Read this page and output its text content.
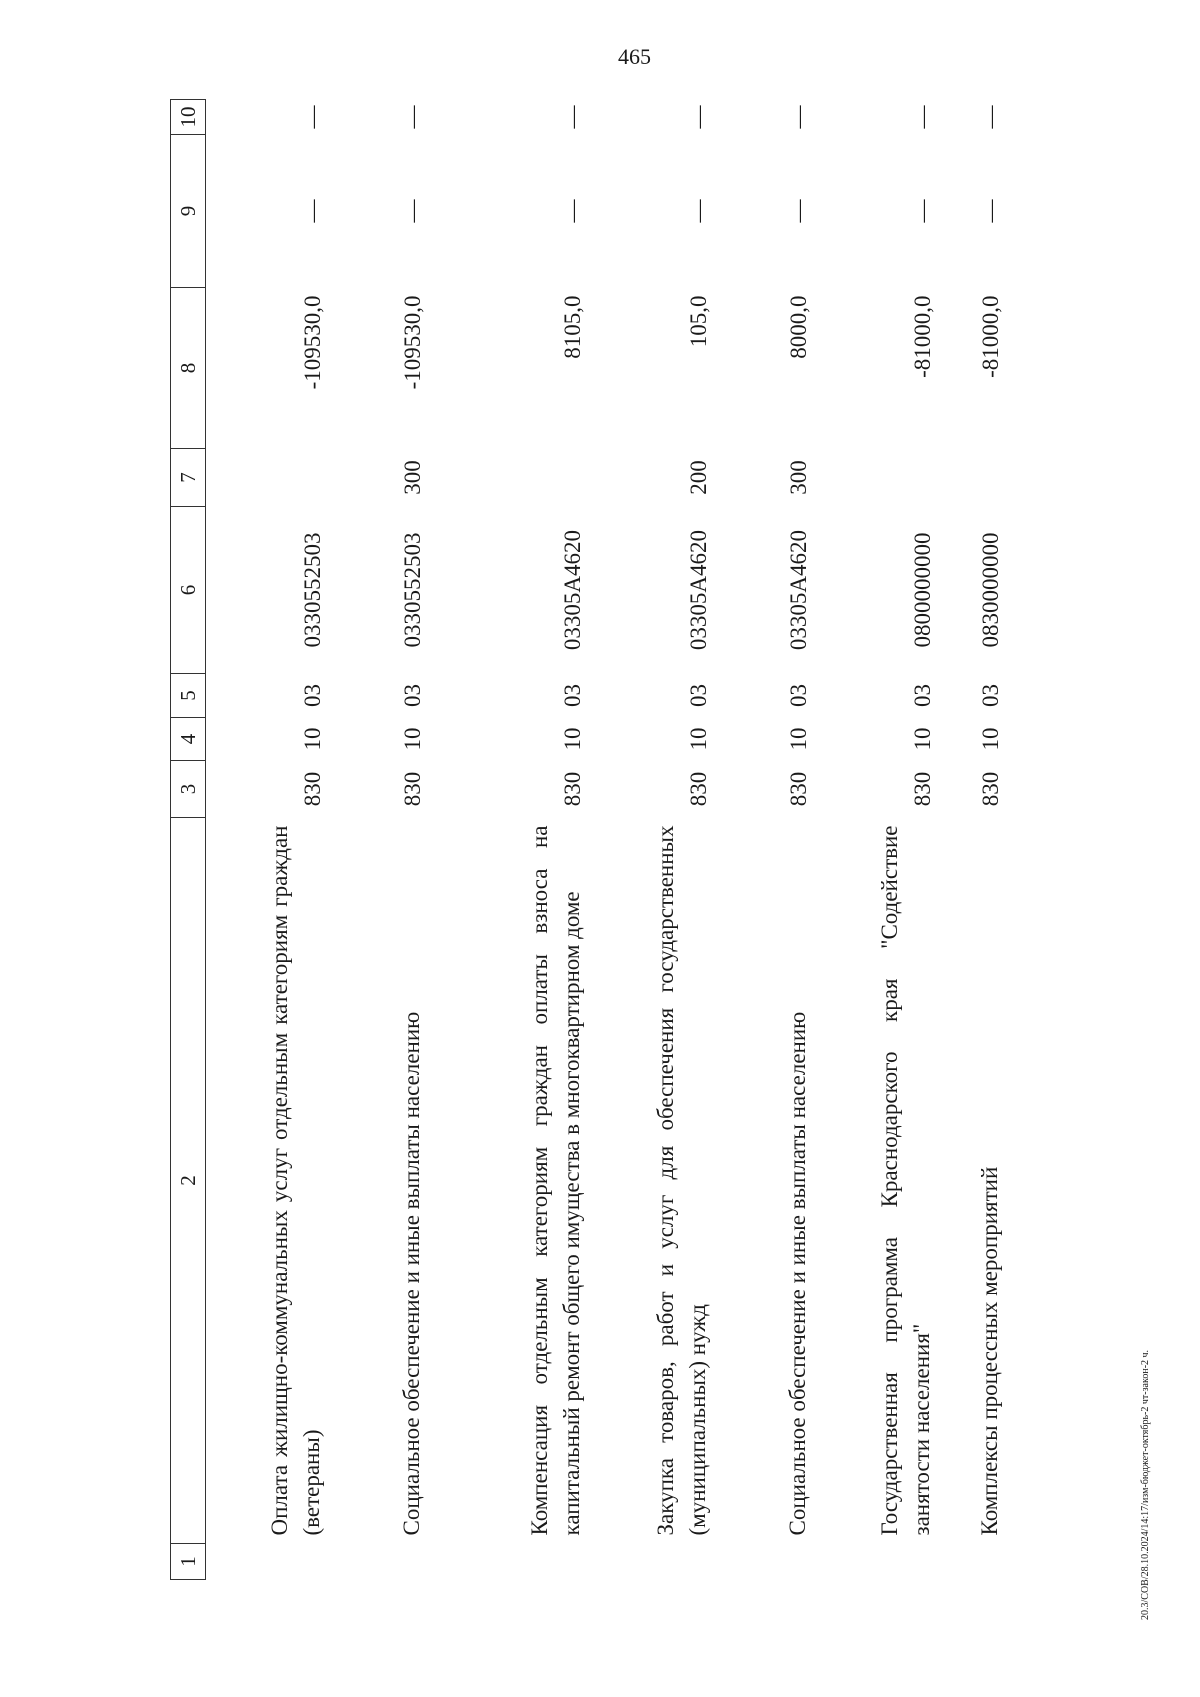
465
1	2	3	4	5	6	7	8	9	10
	Оплата жилищно-коммунальных услуг отдельным категориям граждан (ветераны)	830	10	03	0330552503		-109530,0	—	—
	Социальное обеспечение и иные выплаты населению	830	10	03	0330552503	300	-109530,0	—	—
	Компенсация отдельным категориям граждан оплаты взноса на капитальный ремонт общего имущества в многоквартирном доме	830	10	03	03305А4620		8105,0	—	—
	Закупка товаров, работ и услуг для обеспечения государственных (муниципальных) нужд	830	10	03	03305А4620	200	105,0	—	—
	Социальное обеспечение и иные выплаты населению	830	10	03	03305А4620	300	8000,0	—	—
	Государственная программа Краснодарского края "Содействие занятости населения"	830	10	03	0800000000		-81000,0	—	—
	Комплексы процессных мероприятий	830	10	03	0830000000		-81000,0	—	—
20.3/СОВ/28.10.2024/14:17/изм-бюджет-октябрь-2 чт-закон-2 ч.
